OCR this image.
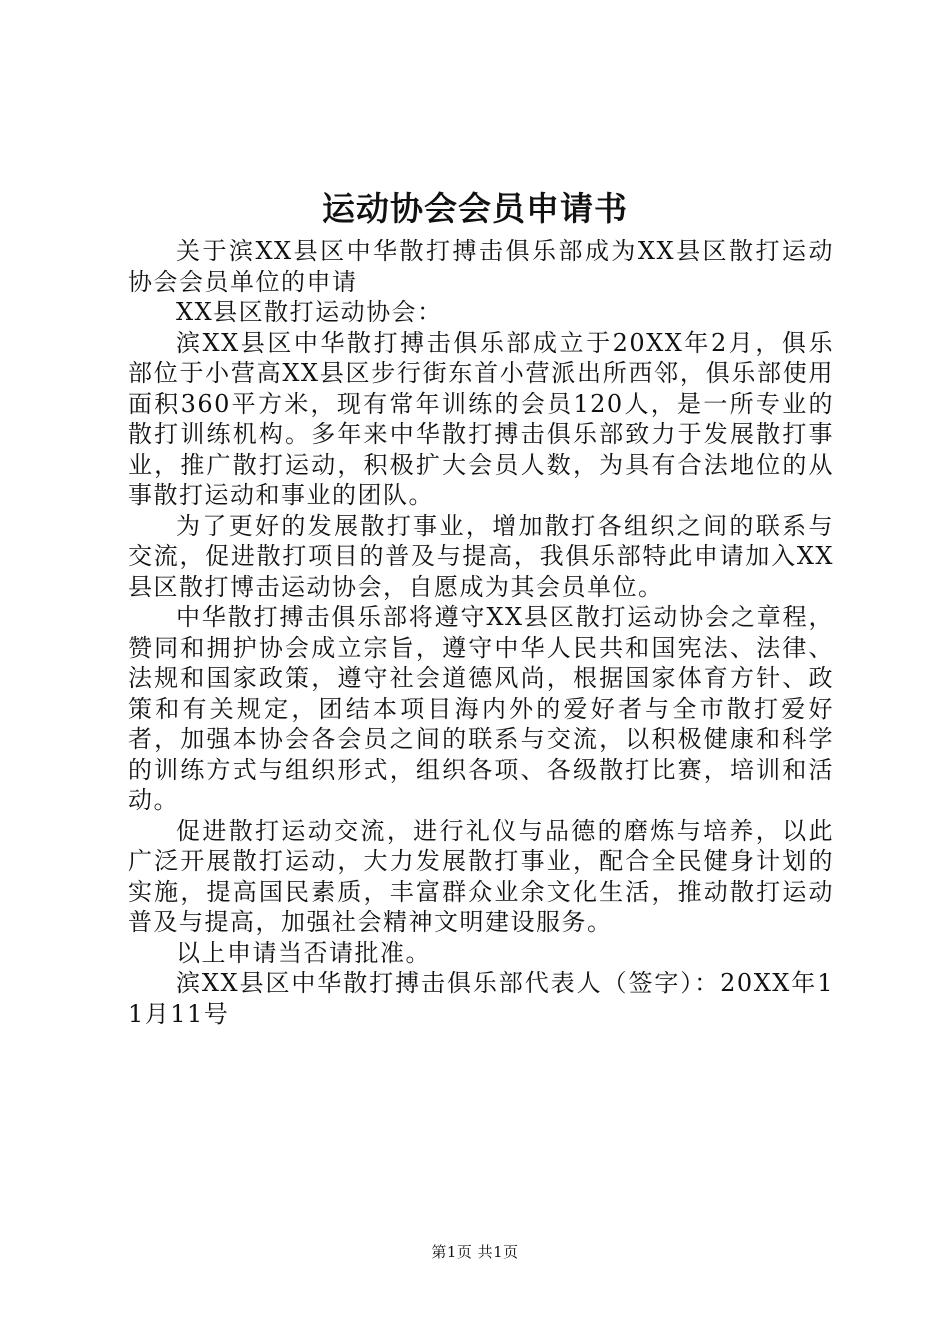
运动协会会员申请书

关于滨XX县区中华散打搏击俱乐部成为XX县区散打运动协会会员单位的申请

XX县区散打运动协会：

滨XX县区中华散打搏击俱乐部成立于20XX年2月，俱乐部位于小营高XX县区步行街东首小营派出所西邻，俱乐部使用面积360平方米，现有常年训练的会员120人，是一所专业的散打训练机构。多年来中华散打搏击俱乐部致力于发展散打事业，推广散打运动，积极扩大会员人数，为具有合法地位的从事散打运动和事业的团队。

为了更好的发展散打事业，增加散打各组织之间的联系与交流，促进散打项目的普及与提高，我俱乐部特此申请加入XX县区散打博击运动协会，自愿成为其会员单位。

中华散打搏击俱乐部将遵守XX县区散打运动协会之章程，赞同和拥护协会成立宗旨，遵守中华人民共和国宪法、法律、法规和国家政策，遵守社会道德风尚，根据国家体育方针、政策和有关规定，团结本项目海内外的爱好者与全市散打爱好者，加强本协会各会员之间的联系与交流，以积极健康和科学的训练方式与组织形式，组织各项、各级散打比赛，培训和活动。

促进散打运动交流，进行礼仪与品德的磨炼与培养，以此广泛开展散打运动，大力发展散打事业，配合全民健身计划的实施，提高国民素质，丰富群众业余文化生活，推动散打运动普及与提高，加强社会精神文明建设服务。

以上申请当否请批准。

滨XX县区中华散打搏击俱乐部代表人（签字）：20XX年11月11号

第1页 共1页
